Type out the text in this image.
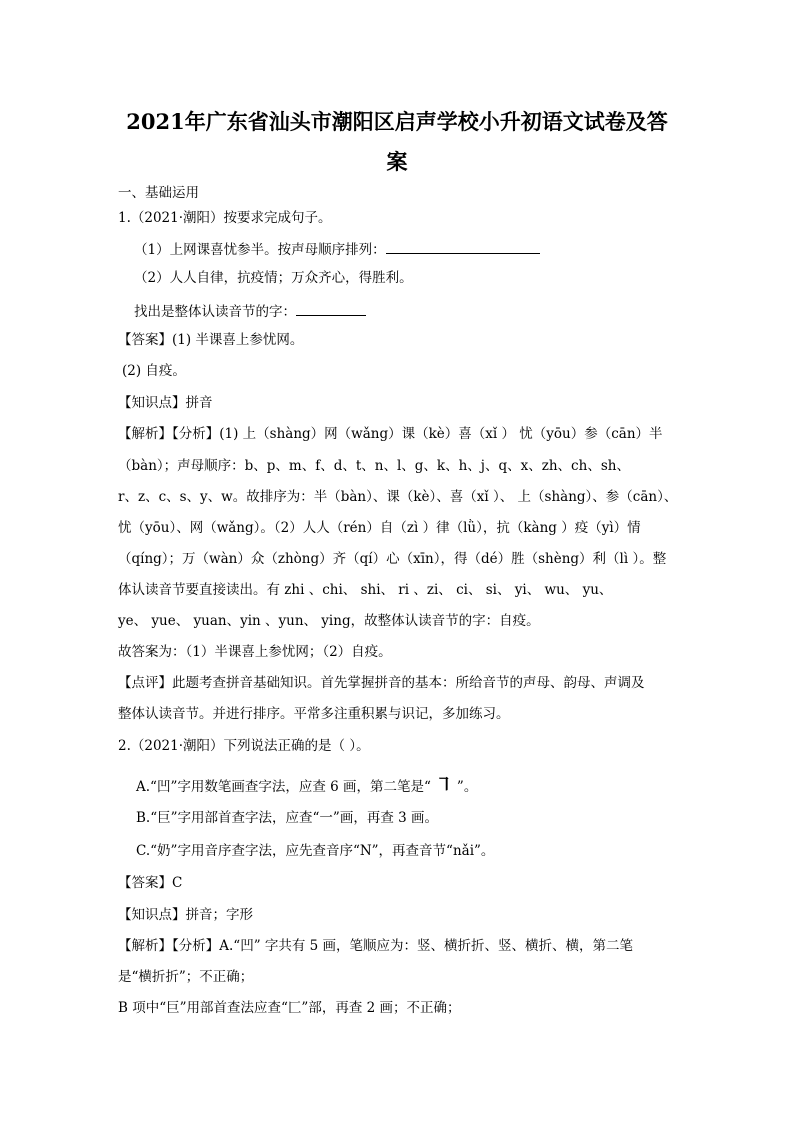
2021年广东省汕头市潮阳区启声学校小升初语文试卷及答
案
一、基础运用
1.（2021·潮阳）按要求完成句子。
（1）上网课喜忧参半。按声母顺序排列：
（2）人人自律，抗疫情；万众齐心，得胜利。
找出是整体认读音节的字：
【答案】(1) 半课喜上参忧网。
(2) 自疫。
【知识点】拼音
【解析】【分析】(1) 上（shàng）网（wǎng）课（kè）喜（xǐ ） 忧（yōu）参（cān）半
（bàn）；声母顺序：b、p、m、f、d、t、n、l、g、k、h、j、q、x、zh、ch、sh、
r、z、c、s、y、w。故排序为：半（bàn）、课（kè）、喜（xǐ ）、 上（shàng）、参（cān）、
忧（yōu）、网（wǎng）。（2）人人（rén）自（zì ）律（lǜ），抗（kàng ）疫（yì）情
（qíng）；万（wàn）众（zhòng）齐（qí）心（xīn），得（dé）胜（shèng）利（lì ）。整
体认读音节要直接读出。有 zhi 、chi、 shi、 ri 、zi、 ci、 si、 yi、 wu、 yu、
ye、 yue、 yuan、yin 、yun、 ying，故整体认读音节的字：自疫。
故答案为：（1）半课喜上参忧网；（2）自疫。
【点评】此题考查拼音基础知识。首先掌握拼音的基本：所给音节的声母、韵母、声调及
整体认读音节。并进行排序。平常多注重积累与识记，多加练习。
2.（2021·潮阳）下列说法正确的是（ ）。
A.“凹”字用数笔画查字法，应查 6 画，第二笔是“ ㇕ ”。
B.“巨”字用部首查字法，应查“一”画，再查 3 画。
C.“奶”字用音序查字法，应先查音序“N”，再查音节“nǎi”。
【答案】C
【知识点】拼音；字形
【解析】【分析】A.“凹” 字共有 5 画，笔顺应为：竖、横折折、竖、横折、横，第二笔
是“横折折”；不正确；
B 项中“巨”用部首查法应查“匚”部，再查 2 画；不正确；
